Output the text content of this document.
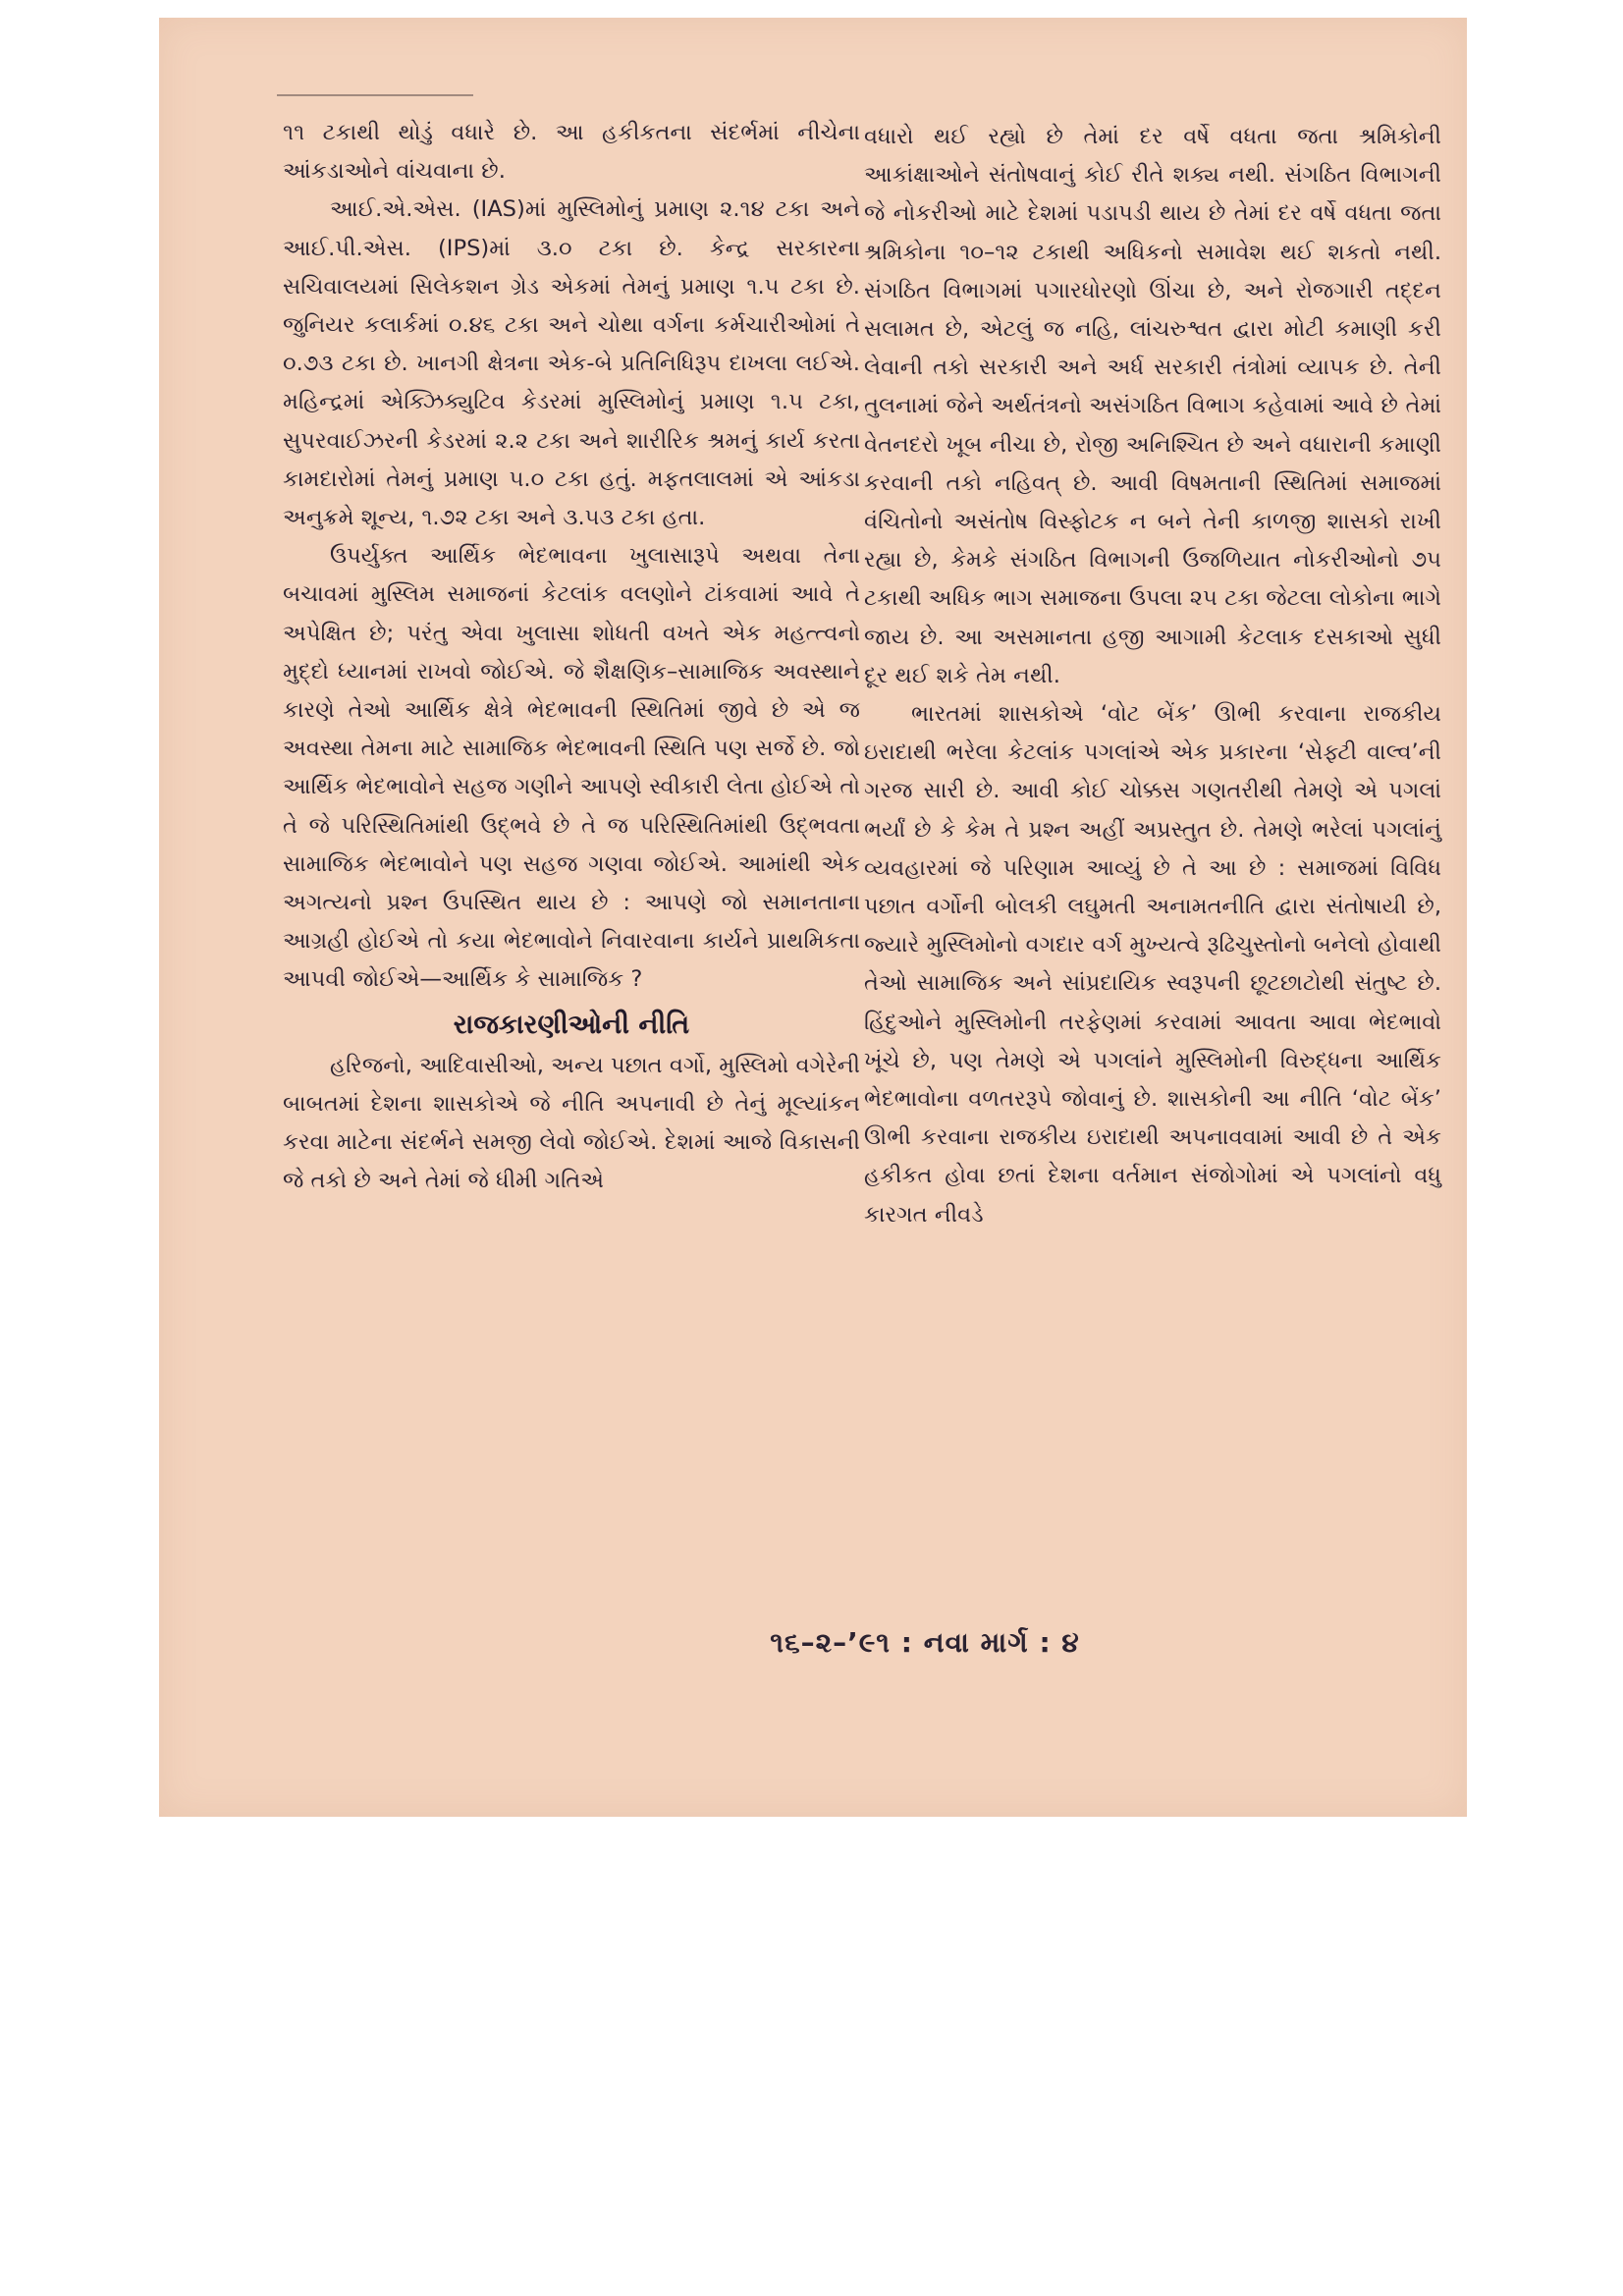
૧૧ ટકાથી થોડું વધારે છે. આ હકીકતના સંદર્ભમાં નીચેના આંકડાઓને વાંચવાના છે.

આઈ.એ.એસ. (IAS)માં મુસ્લિમોનું પ્રમાણ ૨.૧૪ ટકા અને આઈ.પી.એસ. (IPS)માં ૩.૦ ટકા છે. કેન્દ્ર સરકારના સચિવાલયમાં સિલેકશન ગ્રેડ એકમાં તેમનું પ્રમાણ ૧.૫ ટકા છે. જુનિયર કલાર્કમાં ૦.૪૬ ટકા અને ચોથા વર્ગના કર્મચારીઓમાં તે ૦.૭૩ ટકા છે. ખાનગી ક્ષેત્રના એક-બે પ્રતિનિધિરૂપ દાખલા લઈએ. મહિન્દ્રમાં એક્ઝિક્યુટિવ કેડરમાં મુસ્લિમોનું પ્રમાણ ૧.૫ ટકા, સુપરવાઈઝરની કેડરમાં ૨.૨ ટકા અને શારીરિક શ્રમનું કાર્ય કરતા કામદારોમાં તેમનું પ્રમાણ ૫.૦ ટકા હતું. મફતલાલમાં એ આંકડા અનુક્રમે શૂન્ય, ૧.૭૨ ટકા અને ૩.૫૩ ટકા હતા.

ઉપર્યુક્ત આર્થિક ભેદભાવના ખુલાસારૂપે અથવા તેના બચાવમાં મુસ્લિમ સમાજનાં કેટલાંક વલણોને ટાંકવામાં આવે તે અપેક્ષિત છે; પરંતુ એવા ખુલાસા શોધતી વખતે એક મહત્ત્વનો મુદ્દો ધ્યાનમાં રાખવો જોઈએ. જે શૈક્ષણિક–સામાજિક અવસ્થાને કારણે તેઓ આર્થિક ક્ષેત્રે ભેદભાવની સ્થિતિમાં જીવે છે એ જ અવસ્થા તેમના માટે સામાજિક ભેદભાવની સ્થિતિ પણ સર્જે છે. જો આર્થિક ભેદભાવોને સહજ ગણીને આપણે સ્વીકારી લેતા હોઈએ તો તે જે પરિસ્થિતિમાંથી ઉદ્ભવે છે તે જ પરિસ્થિતિમાંથી ઉદ્ભવતા સામાજિક ભેદભાવોને પણ સહજ ગણવા જોઈએ. આમાંથી એક અગત્યનો પ્રશ્ન ઉપસ્થિત થાય છે : આપણે જો સમાનતાના આગ્રહી હોઈએ તો કયા ભેદભાવોને નિવારવાના કાર્યને પ્રાથમિકતા આપવી જોઈએ—આર્થિક કે સામાજિક ?

રાજકારણીઓની નીતિ

હરિજનો, આદિવાસીઓ, અન્ય પછાત વર્ગો, મુસ્લિમો વગેરેની બાબતમાં દેશના શાસકોએ જે નીતિ અપનાવી છે તેનું મૂલ્યાંકન કરવા માટેના સંદર્ભને સમજી લેવો જોઈએ. દેશમાં આજે વિકાસની જે તકો છે અને તેમાં જે ધીમી ગતિએ

વધારો થઈ રહ્યો છે તેમાં દર વર્ષે વધતા જતા શ્રમિકોની આકાંક્ષાઓને સંતોષવાનું કોઈ રીતે શક્ય નથી. સંગઠિત વિભાગની જે નોકરીઓ માટે દેશમાં પડાપડી થાય છે તેમાં દર વર્ષે વધતા જતા શ્રમિકોના ૧૦–૧૨ ટકાથી અધિકનો સમાવેશ થઈ શકતો નથી. સંગઠિત વિભાગમાં પગારધોરણો ઊંચા છે, અને રોજગારી તદ્દન સલામત છે, એટલું જ નહિ, લાંચરુશ્વત દ્વારા મોટી કમાણી કરી લેવાની તકો સરકારી અને અર્ધ સરકારી તંત્રોમાં વ્યાપક છે. તેની તુલનામાં જેને અર્થતંત્રનો અસંગઠિત વિભાગ કહેવામાં આવે છે તેમાં વેતનદરો ખૂબ નીચા છે, રોજી અનિશ્ચિત છે અને વધારાની કમાણી કરવાની તકો નહિવત્ છે. આવી વિષમતાની સ્થિતિમાં સમાજમાં વંચિતોનો અસંતોષ વિસ્ફોટક ન બને તેની કાળજી શાસકો રાખી રહ્યા છે, કેમકે સંગઠિત વિભાગની ઉજળિયાત નોકરીઓનો ૭૫ ટકાથી અધિક ભાગ સમાજના ઉપલા ૨૫ ટકા જેટલા લોકોના ભાગે જાય છે. આ અસમાનતા હજી આગામી કેટલાક દસકાઓ સુધી દૂર થઈ શકે તેમ નથી.

ભારતમાં શાસકોએ ‘વોટ બેંક’ ઊભી કરવાના રાજકીય ઇરાદાથી ભરેલા કેટલાંક પગલાંએ એક પ્રકારના ‘સેફ્ટી વાલ્વ’ની ગરજ સારી છે. આવી કોઈ ચોક્કસ ગણતરીથી તેમણે એ પગલાં ભર્યાં છે કે કેમ તે પ્રશ્ન અહીં અપ્રસ્તુત છે. તેમણે ભરેલાં પગલાંનું વ્યવહારમાં જે પરિણામ આવ્યું છે તે આ છે : સમાજમાં વિવિધ પછાત વર્ગોની બોલકી લઘુમતી અનામતનીતિ દ્વારા સંતોષાયી છે, જ્યારે મુસ્લિમોનો વગદાર વર્ગ મુખ્યત્વે રૂઢિચુસ્તોનો બનેલો હોવાથી તેઓ સામાજિક અને સાંપ્રદાયિક સ્વરૂપની છૂટછાટોથી સંતુષ્ટ છે. હિંદુઓને મુસ્લિમોની તરફેણમાં કરવામાં આવતા આવા ભેદભાવો ખૂંચે છે, પણ તેમણે એ પગલાંને મુસ્લિમોની વિરુદ્ધના આર્થિક ભેદભાવોના વળતરરૂપે જોવાનું છે. શાસકોની આ નીતિ ‘વોટ બેંક’ ઊભી કરવાના રાજકીય ઇરાદાથી અપનાવવામાં આવી છે તે એક હકીકત હોવા છતાં દેશના વર્તમાન સંજોગોમાં એ પગલાંનો વધુ કારગત નીવડે

૧૬–૨–’૯૧ : નવા માર્ગ : ૪
